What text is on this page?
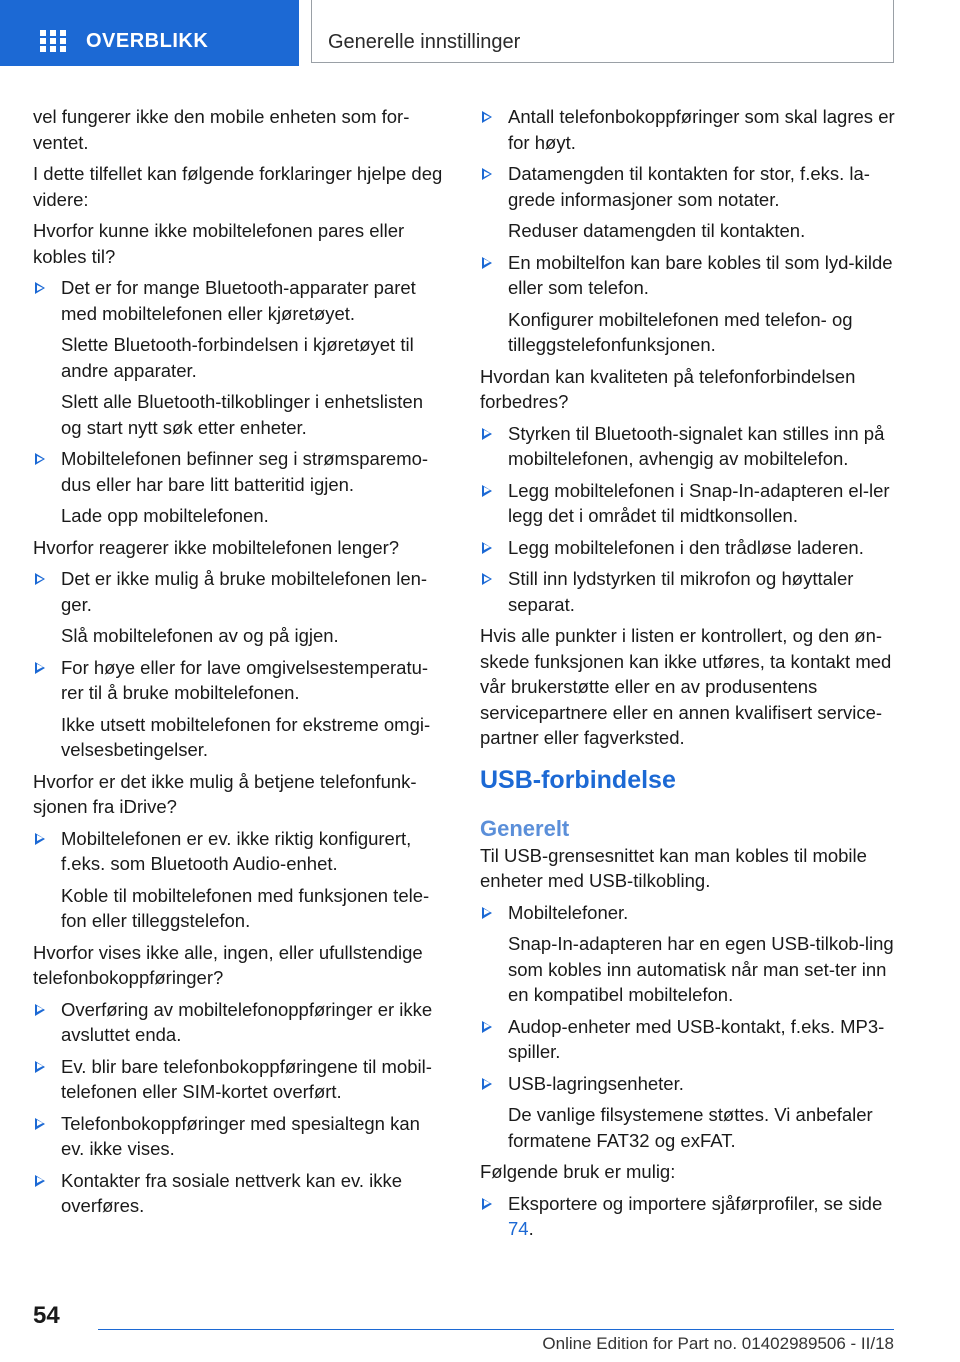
OVERBLIKK	Generelle innstillinger

vel fungerer ikke den mobile enheten som for-ventet.

I dette tilfellet kan følgende forklaringer hjelpe deg videre:

Hvorfor kunne ikke mobiltelefonen pares eller kobles til?

Det er for mange Bluetooth-apparater paret med mobiltelefonen eller kjøretøyet.

Slette Bluetooth-forbindelsen i kjøretøyet til andre apparater.

Slett alle Bluetooth-tilkoblinger i enhetslisten og start nytt søk etter enheter.

Mobiltelefonen befinner seg i strømsparemo-dus eller har bare litt batteritid igjen.

Lade opp mobiltelefonen.

Hvorfor reagerer ikke mobiltelefonen lenger?

Det er ikke mulig å bruke mobiltelefonen len-ger.

Slå mobiltelefonen av og på igjen.

For høye eller for lave omgivelsestemperatu-rer til å bruke mobiltelefonen.

Ikke utsett mobiltelefonen for ekstreme omgi-velsesbetingelser.

Hvorfor er det ikke mulig å betjene telefonfunk-sjonen fra iDrive?

Mobiltelefonen er ev. ikke riktig konfigurert, f.eks. som Bluetooth Audio-enhet.

Koble til mobiltelefonen med funksjonen tele-fon eller tilleggstelefon.

Hvorfor vises ikke alle, ingen, eller ufullstendige telefonbokoppføringer?

Overføring av mobiltelefonoppføringer er ikke avsluttet enda.
Ev. blir bare telefonbokoppføringene til mobil-telefonen eller SIM-kortet overført.
Telefonbokoppføringer med spesialtegn kan ev. ikke vises.
Kontakter fra sosiale nettverk kan ev. ikke overføres.
Antall telefonbokoppføringer som skal lagres er for høyt.
Datamengden til kontakten for stor, f.eks. la-grede informasjoner som notater.

Reduser datamengden til kontakten.

En mobiltelfon kan bare kobles til som lyd-kilde eller som telefon.

Konfigurer mobiltelefonen med telefon- og tilleggstelefonfunksjonen.

Hvordan kan kvaliteten på telefonforbindelsen forbedres?

Styrken til Bluetooth-signalet kan stilles inn på mobiltelefonen, avhengig av mobiltelefon.
Legg mobiltelefonen i Snap-In-adapteren el-ler legg det i området til midtkonsollen.
Legg mobiltelefonen i den trådløse laderen.
Still inn lydstyrken til mikrofon og høyttaler separat.

Hvis alle punkter i listen er kontrollert, og den øn-skede funksjonen kan ikke utføres, ta kontakt med vår brukerstøtte eller en av produsentens servicepartnere eller en annen kvalifisert service-partner eller fagverksted.

USB-forbindelse
Generelt

Til USB-grensesnittet kan man kobles til mobile enheter med USB-tilkobling.

Mobiltelefoner.

Snap-In-adapteren har en egen USB-tilkob-ling som kobles inn automatisk når man set-ter inn en kompatibel mobiltelefon.

Audop-enheter med USB-kontakt, f.eks. MP3-spiller.
USB-lagringsenheter.

De vanlige filsystemene støttes. Vi anbefaler formatene FAT32 og exFAT.

Følgende bruk er mulig:

Eksportere og importere sjåførprofiler, se side 74.
54
Online Edition for Part no. 01402989506 - II/18
